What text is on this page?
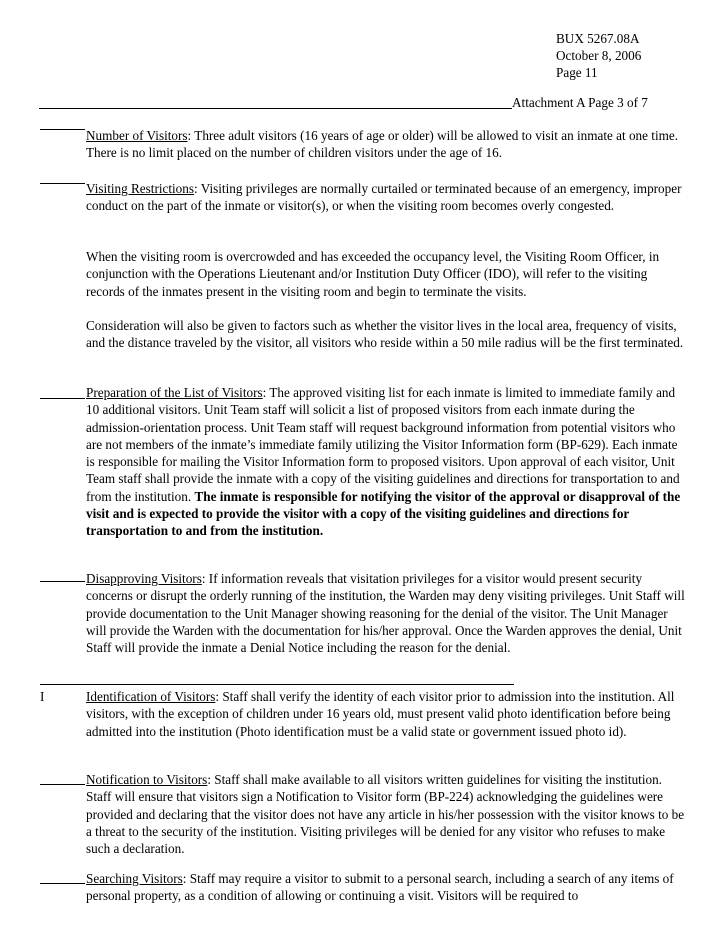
BUX 5267.08A
October 8, 2006
Page 11
Attachment A Page 3 of 7

Number of Visitors: Three adult visitors (16 years of age or older) will be allowed to visit an inmate at one time. There is no limit placed on the number of children visitors under the age of 16.

Visiting Restrictions: Visiting privileges are normally curtailed or terminated because of an emergency, improper conduct on the part of the inmate or visitor(s), or when the visiting room becomes overly congested.

When the visiting room is overcrowded and has exceeded the occupancy level, the Visiting Room Officer, in conjunction with the Operations Lieutenant and/or Institution Duty Officer (IDO), will refer to the visiting records of the inmates present in the visiting room and begin to terminate the visits.

Consideration will also be given to factors such as whether the visitor lives in the local area, frequency of visits, and the distance traveled by the visitor, all visitors who reside within a 50 mile radius will be the first terminated.

Preparation of the List of Visitors: The approved visiting list for each inmate is limited to immediate family and 10 additional visitors. Unit Team staff will solicit a list of proposed visitors from each inmate during the admission-orientation process. Unit Team staff will request background information from potential visitors who are not members of the inmate’s immediate family utilizing the Visitor Information form (BP-629). Each inmate is responsible for mailing the Visitor Information form to proposed visitors. Upon approval of each visitor, Unit Team staff shall provide the inmate with a copy of the visiting guidelines and directions for transportation to and from the institution. The inmate is responsible for notifying the visitor of the approval or disapproval of the visit and is expected to provide the visitor with a copy of the visiting guidelines and directions for transportation to and from the institution.

Disapproving Visitors: If information reveals that visitation privileges for a visitor would present security concerns or disrupt the orderly running of the institution, the Warden may deny visiting privileges. Unit Staff will provide documentation to the Unit Manager showing reasoning for the denial of the visitor. The Unit Manager will provide the Warden with the documentation for his/her approval. Once the Warden approves the denial, Unit Staff will provide the inmate a Denial Notice including the reason for the denial.

I	Identification of Visitors: Staff shall verify the identity of each visitor prior to admission into the institution. All visitors, with the exception of children under 16 years old, must present valid photo identification before being admitted into the institution (Photo identification must be a valid state or government issued photo id).

Notification to Visitors: Staff shall make available to all visitors written guidelines for visiting the institution. Staff will ensure that visitors sign a Notification to Visitor form (BP-224) acknowledging the guidelines were provided and declaring that the visitor does not have any article in his/her possession with the visitor knows to be a threat to the security of the institution. Visiting privileges will be denied for any visitor who refuses to make such a declaration.

Searching Visitors: Staff may require a visitor to submit to a personal search, including a search of any items of personal property, as a condition of allowing or continuing a visit. Visitors will be required to
